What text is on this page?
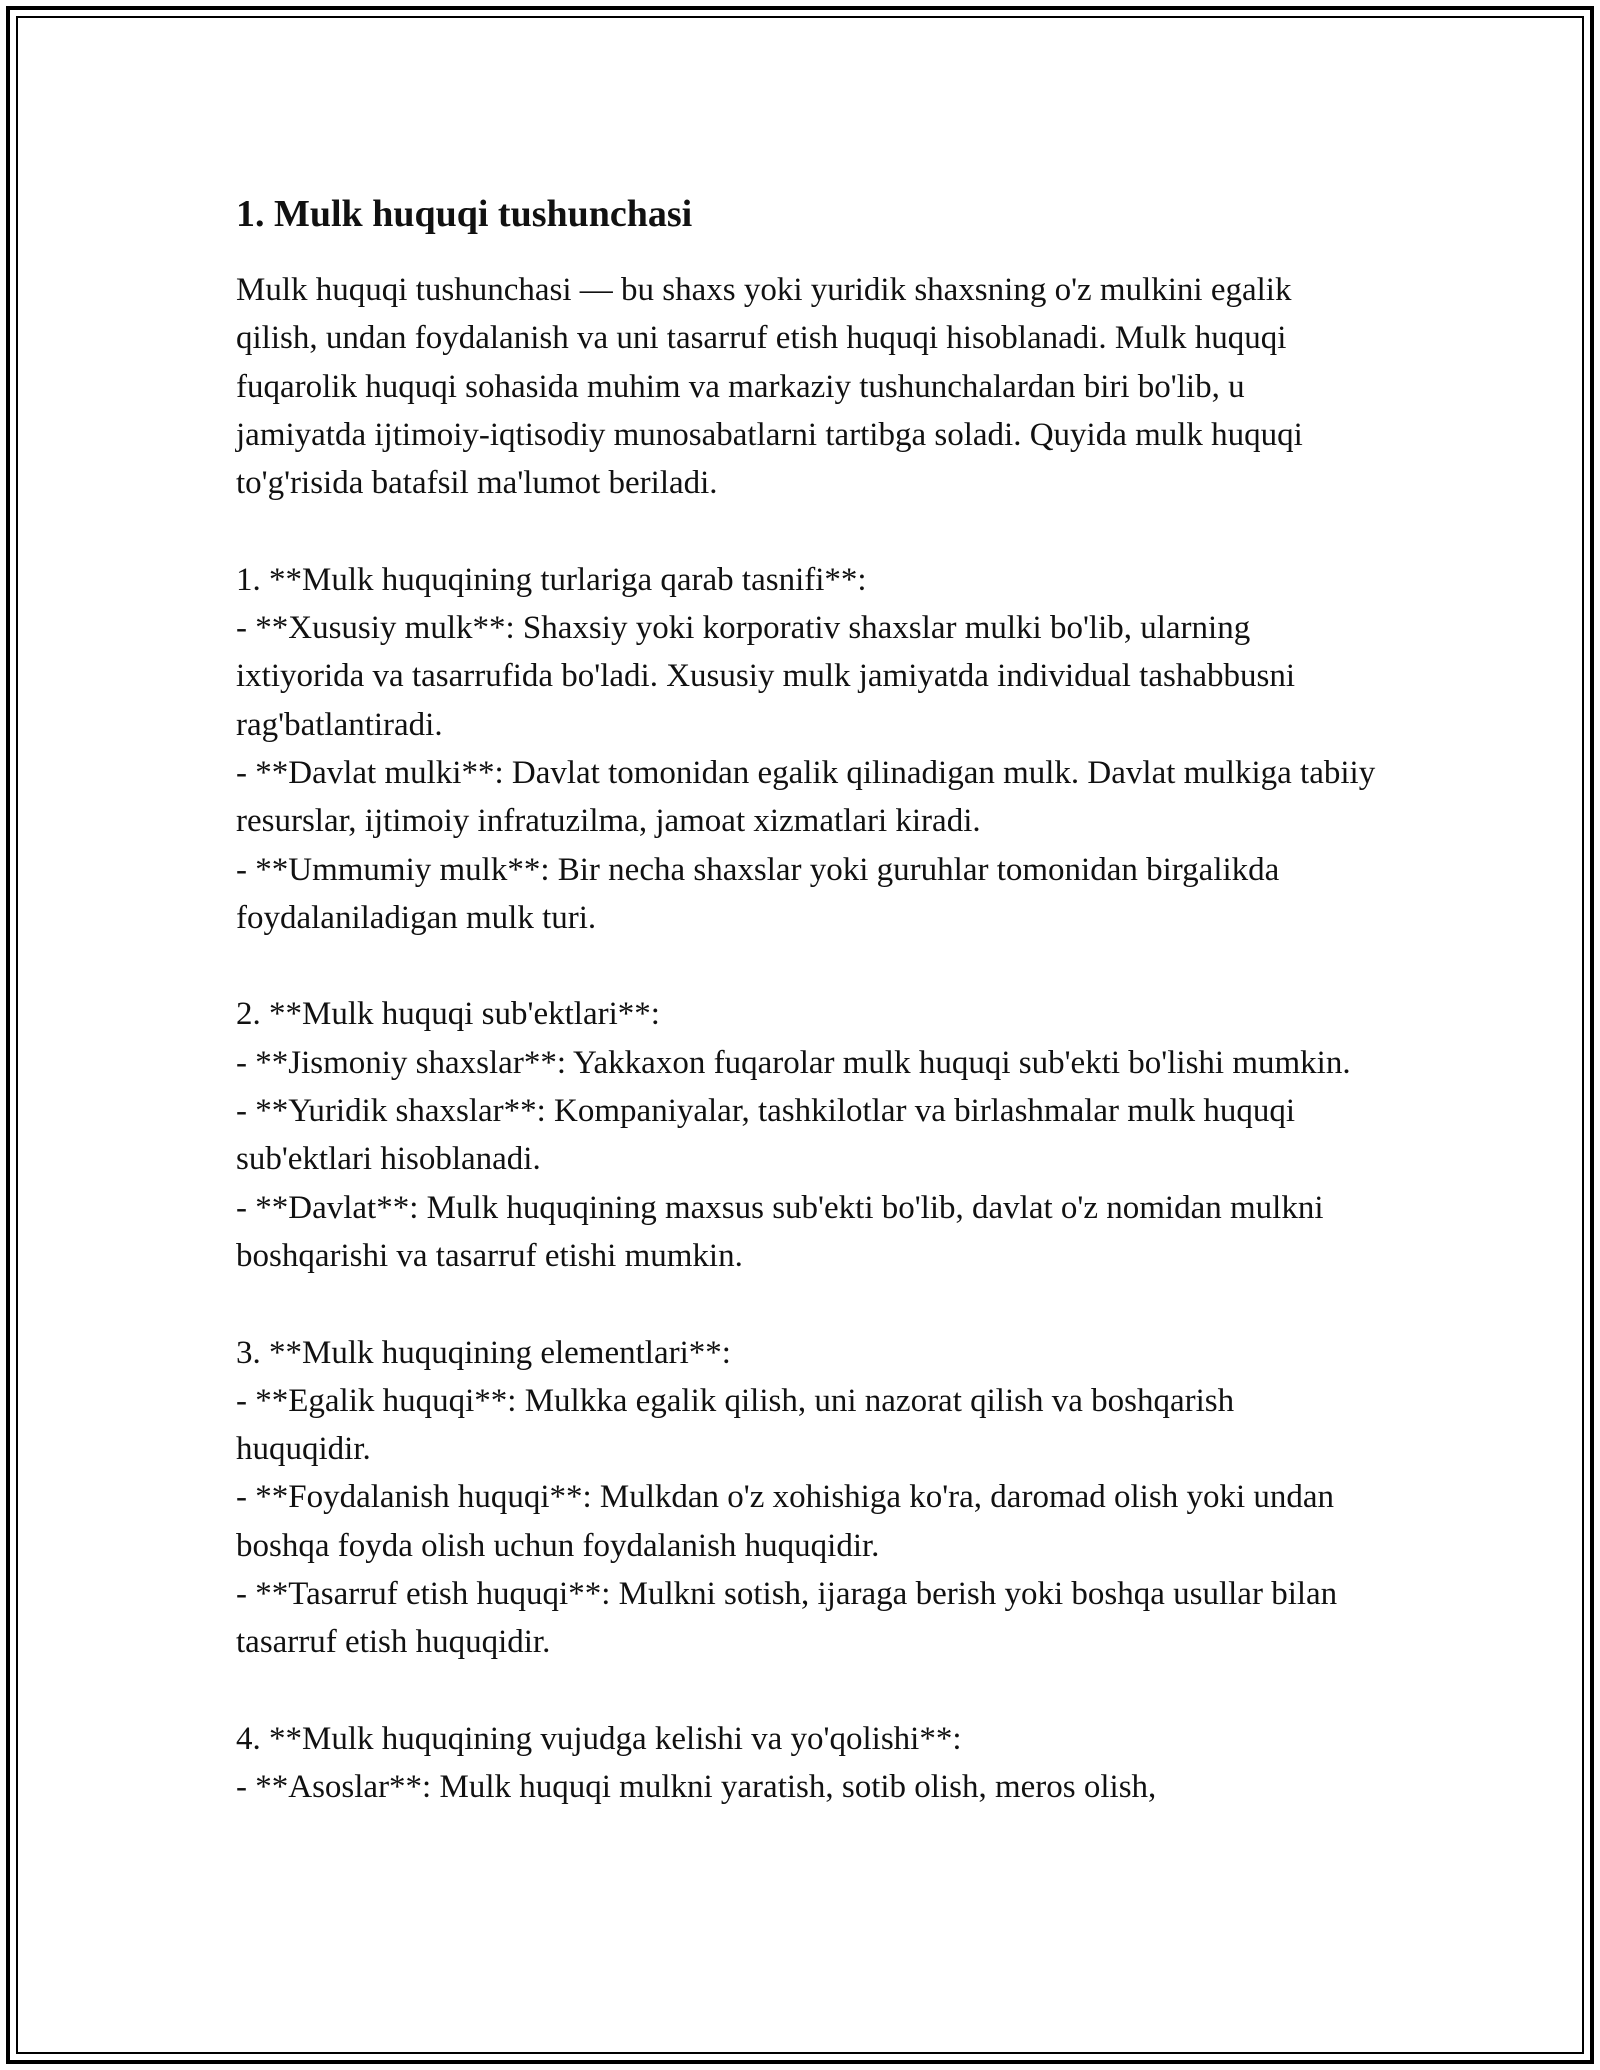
1. Mulk huquqi tushunchasi

Mulk huquqi tushunchasi — bu shaxs yoki yuridik shaxsning o'z mulkini egalik qilish, undan foydalanish va uni tasarruf etish huquqi hisoblanadi. Mulk huquqi fuqarolik huquqi sohasida muhim va markaziy tushunchalardan biri bo'lib, u jamiyatda ijtimoiy-iqtisodiy munosabatlarni tartibga soladi. Quyida mulk huquqi to'g'risida batafsil ma'lumot beriladi.

1. **Mulk huquqining turlariga qarab tasnifi**:
- **Xususiy mulk**: Shaxsiy yoki korporativ shaxslar mulki bo'lib, ularning ixtiyorida va tasarrufida bo'ladi. Xususiy mulk jamiyatda individual tashabbusni rag'batlantiradi.
- **Davlat mulki**: Davlat tomonidan egalik qilinadigan mulk. Davlat mulkiga tabiiy resurslar, ijtimoiy infratuzilma, jamoat xizmatlari kiradi.
- **Ummumiy mulk**: Bir necha shaxslar yoki guruhlar tomonidan birgalikda foydalaniladigan mulk turi.

2. **Mulk huquqi sub'ektlari**:
- **Jismoniy shaxslar**: Yakkaxon fuqarolar mulk huquqi sub'ekti bo'lishi mumkin.
- **Yuridik shaxslar**: Kompaniyalar, tashkilotlar va birlashmalar mulk huquqi sub'ektlari hisoblanadi.
- **Davlat**: Mulk huquqining maxsus sub'ekti bo'lib, davlat o'z nomidan mulkni boshqarishi va tasarruf etishi mumkin.

3. **Mulk huquqining elementlari**:
- **Egalik huquqi**: Mulkka egalik qilish, uni nazorat qilish va boshqarish huquqidir.
- **Foydalanish huquqi**: Mulkdan o'z xohishiga ko'ra, daromad olish yoki undan boshqa foyda olish uchun foydalanish huquqidir.
- **Tasarruf etish huquqi**: Mulkni sotish, ijaraga berish yoki boshqa usullar bilan tasarruf etish huquqidir.

4. **Mulk huquqining vujudga kelishi va yo'qolishi**:
- **Asoslar**: Mulk huquqi mulkni yaratish, sotib olish, meros olish,
